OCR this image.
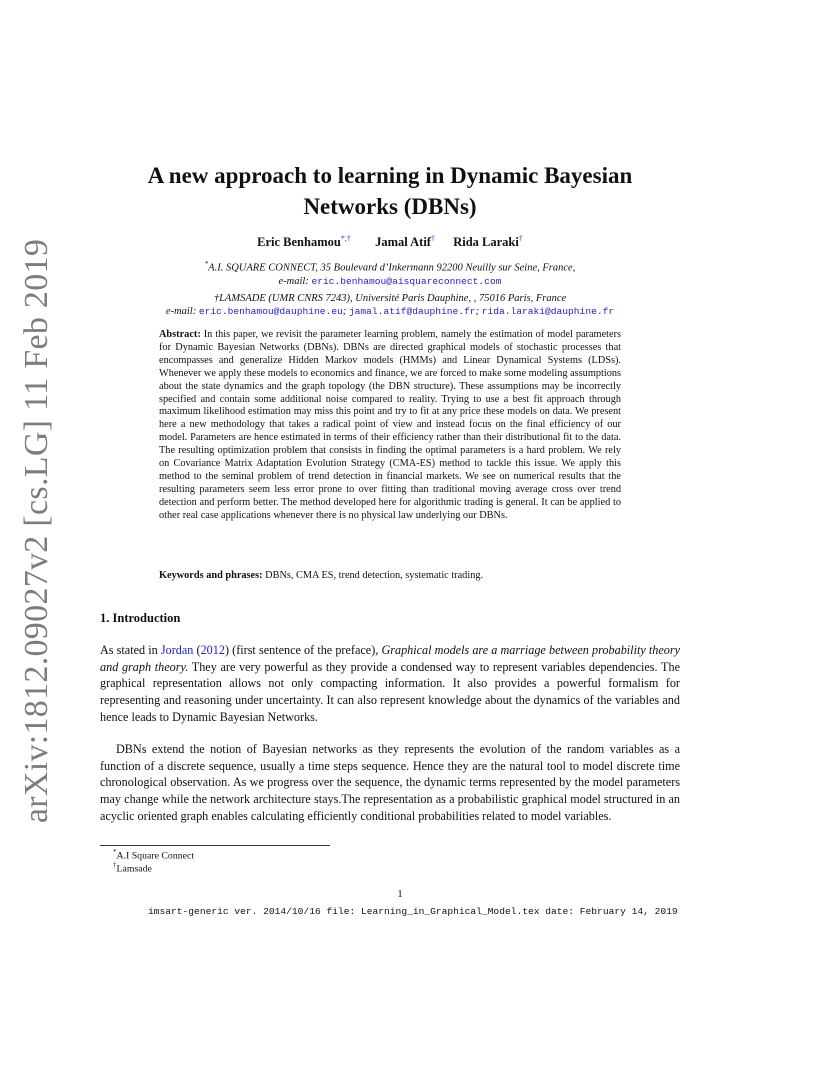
arXiv:1812.09027v2 [cs.LG] 11 Feb 2019
A new approach to learning in Dynamic Bayesian
Networks (DBNs)
Eric Benhamou*,† Jamal Atif† Rida Laraki†
*A.I. SQUARE CONNECT, 35 Boulevard d’Inkermann 92200 Neuilly sur Seine, France,
e-mail: eric.benhamou@aisquareconnect.com
†LAMSADE (UMR CNRS 7243), Université Paris Dauphine, , 75016 Paris, France
e-mail: eric.benhamou@dauphine.eu; jamal.atif@dauphine.fr; rida.laraki@dauphine.fr
Abstract: In this paper, we revisit the parameter learning problem, namely the estimation of model parameters for Dynamic Bayesian Networks (DBNs). DBNs are directed graphical models of stochastic processes that encompasses and generalize Hidden Markov models (HMMs) and Linear Dynamical Systems (LDSs). Whenever we apply these models to economics and finance, we are forced to make some modeling assumptions about the state dynamics and the graph topology (the DBN structure). These assumptions may be incorrectly specified and contain some additional noise compared to reality. Trying to use a best fit approach through maximum likelihood estimation may miss this point and try to fit at any price these models on data. We present here a new methodology that takes a radical point of view and instead focus on the final efficiency of our model. Parameters are hence estimated in terms of their efficiency rather than their distributional fit to the data. The resulting optimization problem that consists in finding the optimal parameters is a hard problem. We rely on Covariance Matrix Adaptation Evolution Strategy (CMA-ES) method to tackle this issue. We apply this method to the seminal problem of trend detection in financial markets. We see on numerical results that the resulting parameters seem less error prone to over fitting than traditional moving average cross over trend detection and perform better. The method developed here for algorithmic trading is general. It can be applied to other real case applications whenever there is no physical law underlying our DBNs.
Keywords and phrases: DBNs, CMA ES, trend detection, systematic trading.
1. Introduction
As stated in Jordan (2012) (first sentence of the preface), Graphical models are a marriage between probability theory and graph theory. They are very powerful as they provide a condensed way to represent variables dependencies. The graphical representation allows not only compacting information. It also provides a powerful formalism for representing and reasoning under uncertainty. It can also represent knowledge about the dynamics of the variables and hence leads to Dynamic Bayesian Networks.
DBNs extend the notion of Bayesian networks as they represents the evolution of the random variables as a function of a discrete sequence, usually a time steps sequence. Hence they are the natural tool to model discrete time chronological observation. As we progress over the sequence, the dynamic terms represented by the model parameters may change while the network architecture stays.The representation as a probabilistic graphical model structured in an acyclic oriented graph enables calculating efficiently conditional probabilities related to model variables.
*A.I Square Connect
†Lamsade
1
imsart-generic ver. 2014/10/16 file: Learning_in_Graphical_Model.tex date: February 14, 2019
